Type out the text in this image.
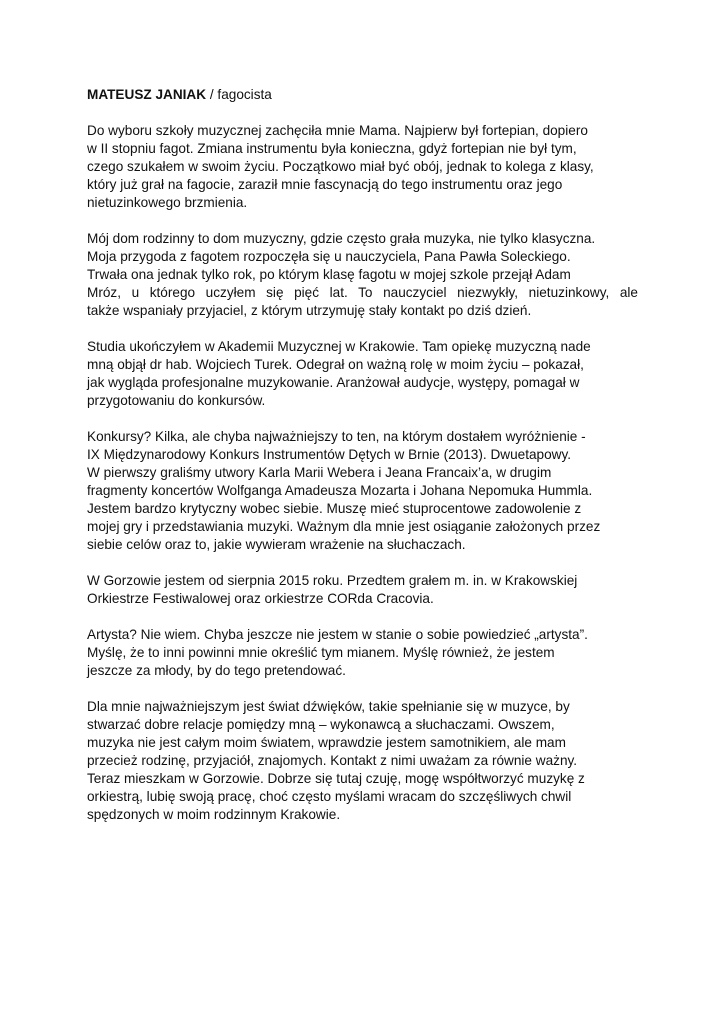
MATEUSZ JANIAK / fagocista
Do wyboru szkoły muzycznej zachęciła mnie Mama. Najpierw był fortepian, dopiero
w II stopniu fagot. Zmiana instrumentu była konieczna, gdyż fortepian nie był tym,
czego szukałem w swoim życiu. Początkowo miał być obój, jednak to kolega z klasy,
który już grał na fagocie, zaraził mnie fascynacją do tego instrumentu oraz jego
nietuzinkowego brzmienia.
Mój dom rodzinny to dom muzyczny, gdzie często grała muzyka, nie tylko klasyczna.
Moja przygoda z fagotem rozpoczęła się u nauczyciela, Pana Pawła Soleckiego.
Trwała ona jednak tylko rok, po którym klasę fagotu w mojej szkole przejął Adam
Mróz, u którego uczyłem się pięć lat. To nauczyciel niezwykły, nietuzinkowy, ale
także wspaniały przyjaciel, z którym utrzymuję stały kontakt po dziś dzień.
Studia ukończyłem w Akademii Muzycznej w Krakowie. Tam opiekę muzyczną nade
mną objął dr hab. Wojciech Turek. Odegrał on ważną rolę w moim życiu – pokazał,
jak wygląda profesjonalne muzykowanie. Aranżował audycje, występy, pomagał w
przygotowaniu do konkursów.
Konkursy? Kilka, ale chyba najważniejszy to ten, na którym dostałem wyróżnienie -
IX Międzynarodowy Konkurs Instrumentów Dętych w Brnie (2013). Dwuetapowy.
W pierwszy graliśmy utwory Karla Marii Webera i Jeana Francaix’a, w drugim
fragmenty koncertów Wolfganga Amadeusza Mozarta i Johana Nepomuka Hummla.
Jestem bardzo krytyczny wobec siebie. Muszę mieć stuprocentowe zadowolenie z
mojej gry i przedstawiania muzyki. Ważnym dla mnie jest osiąganie założonych przez
siebie celów oraz to, jakie wywieram wrażenie na słuchaczach.
W Gorzowie jestem od sierpnia 2015 roku. Przedtem grałem m. in. w Krakowskiej
Orkiestrze Festiwalowej oraz orkiestrze CORda Cracovia.
Artysta? Nie wiem. Chyba jeszcze nie jestem w stanie o sobie powiedzieć „artysta”.
Myślę, że to inni powinni mnie określić tym mianem. Myślę również, że jestem
jeszcze za młody, by do tego pretendować.
Dla mnie najważniejszym jest świat dźwięków, takie spełnianie się w muzyce, by
stwarzać dobre relacje pomiędzy mną – wykonawcą a słuchaczami. Owszem,
muzyka nie jest całym moim światem, wprawdzie jestem samotnikiem, ale mam
przecież rodzinę, przyjaciół, znajomych. Kontakt z nimi uważam za równie ważny.
Teraz mieszkam w Gorzowie. Dobrze się tutaj czuję, mogę współtworzyć muzykę z
orkiestrą, lubię swoją pracę, choć często myślami wracam do szczęśliwych chwil
spędzonych w moim rodzinnym Krakowie.
